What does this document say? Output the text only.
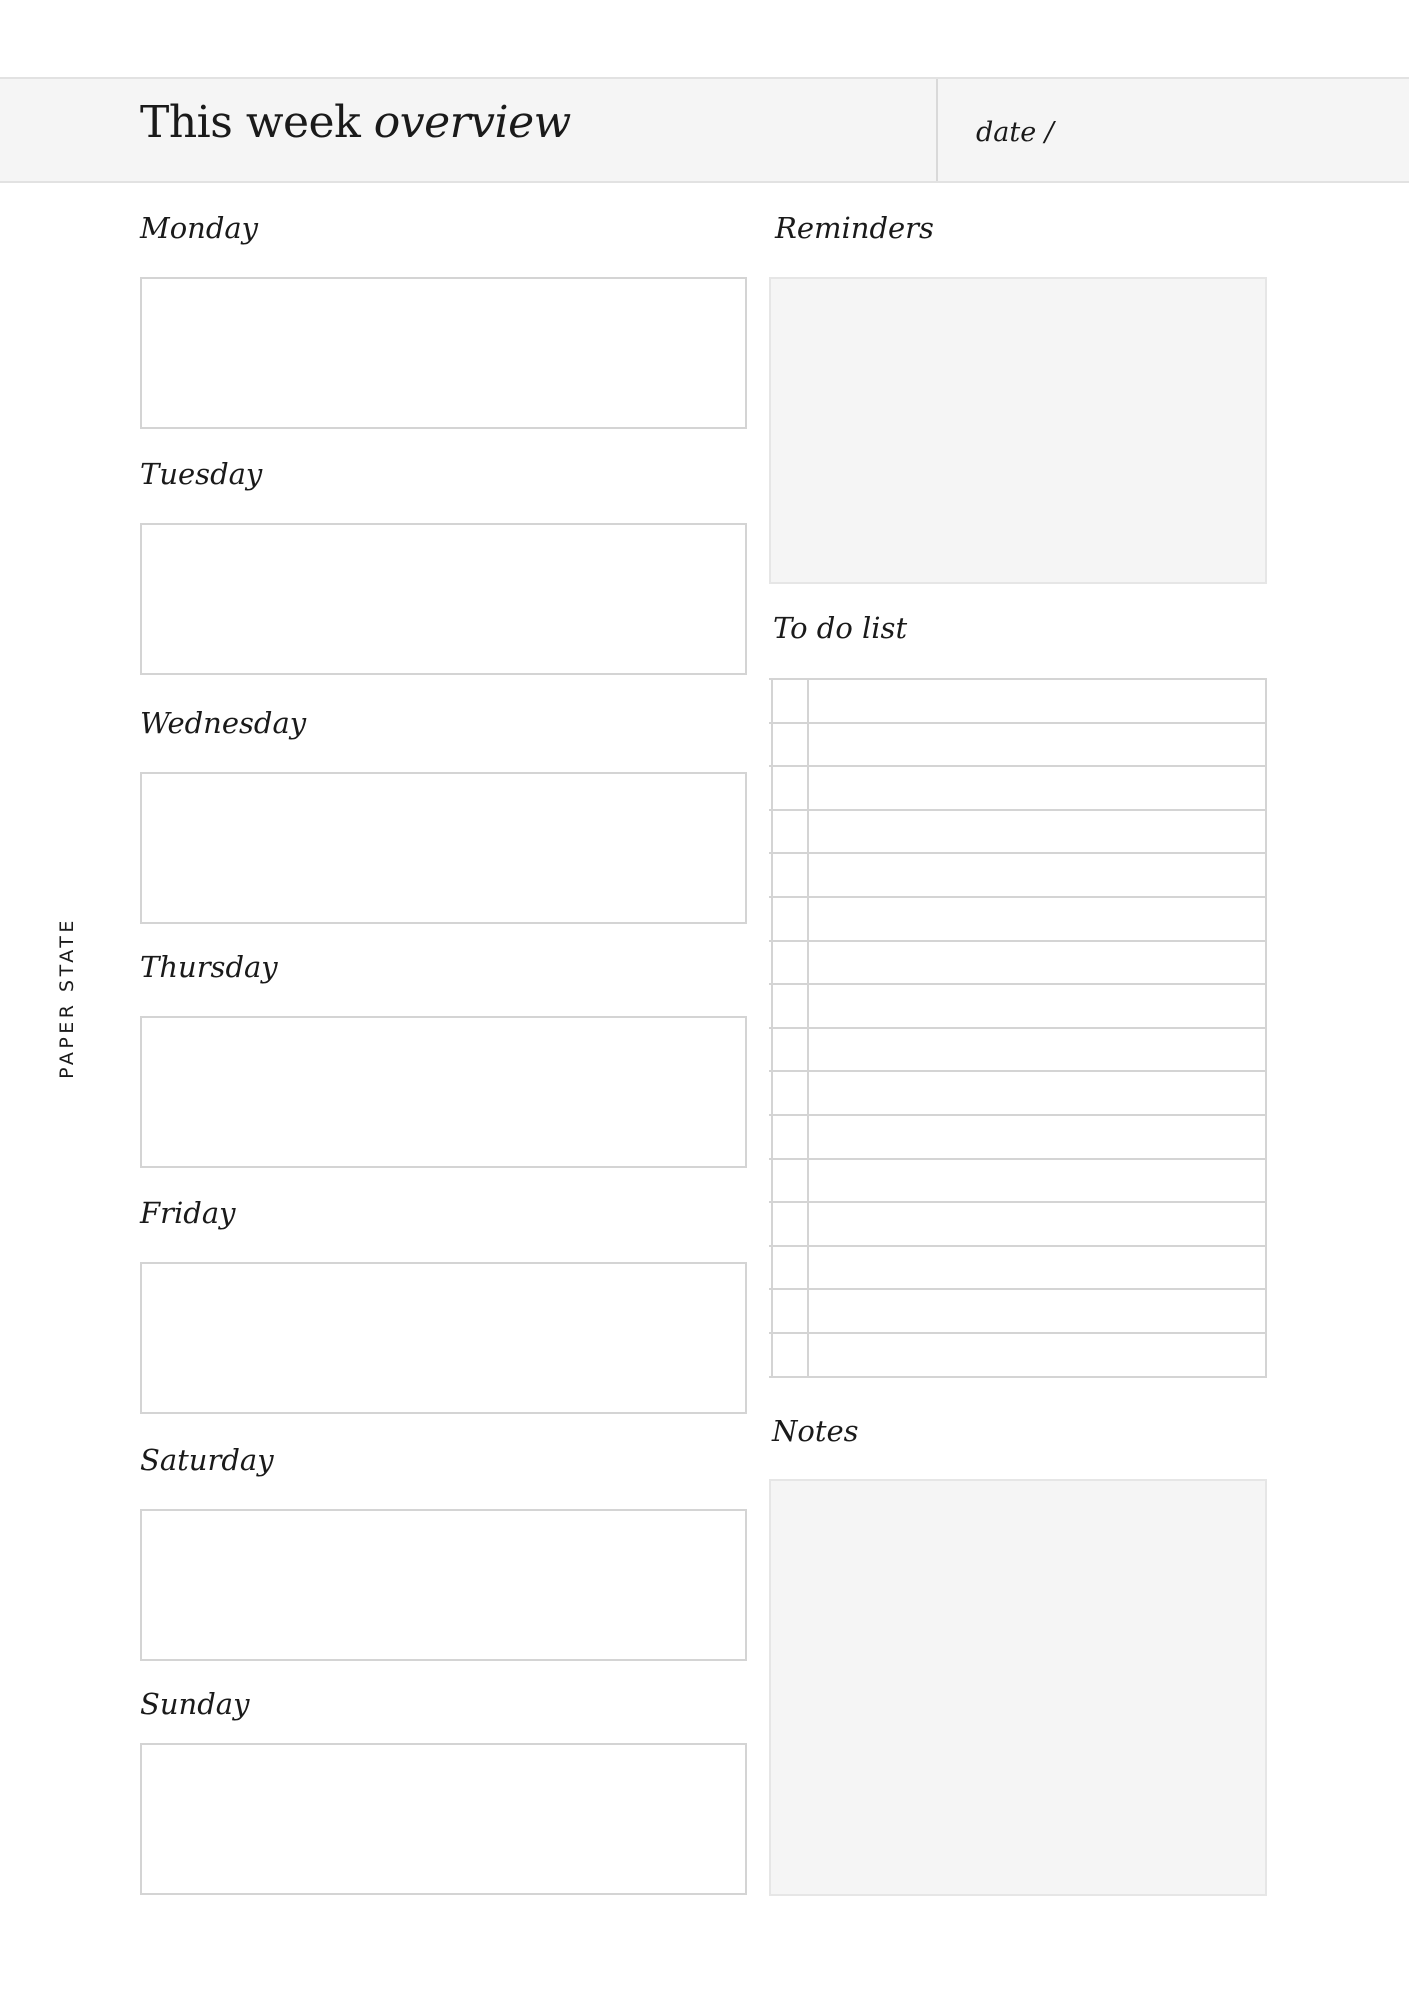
This week overview	date /
PAPER STATE
Monday
Tuesday
Wednesday
Thursday
Friday
Saturday
Sunday
Reminders
To do list
Notes
